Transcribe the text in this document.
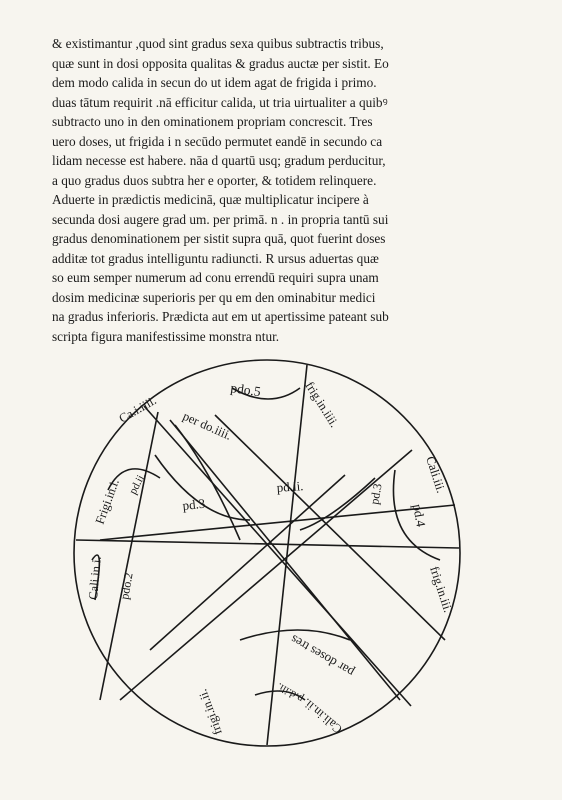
& existimantur ,quod sint gradus sexa quibus subtractis tribus,
quæ sunt in dosi opposita qualitas & gradus auctæ per sistit. Eo
dem modo calida in secun do ut idem agat de frigida i primo.
duas tātum requirit .nā efficitur calida, ut tria uirtualiter a quibꝰ
subtracto uno in den ominationem propriam concrescit. Tres
uero doses, ut frigida i n secūdo permutet eandē in secundo ca
lidam necesse est habere. nāa d quartū usq; gradum perducitur,
a quo gradus duos subtra her e oporter, & totidem relinquere.
Aduerte in prædictis medicinā, quæ multiplicatur incipere à
secunda dosi augere grad um. per primā. n . in propria tantū sui
gradus denominationem per sistit supra quā, quot fuerint doses
additæ tot gradus intelliguntu radiuncti. R ursus aduertas quæ
so eum semper numerum ad conu errendū requiri supra unam
dosim medicinæ superioris per qu em den ominabitur medici
na gradus inferioris. Prædicta aut em ut apertissime pateant sub
scripta figura manifestissime monstra ntur.
Ca.i.iiii.
pdo.5	frig.in.iiii.
per do.iiii.
Frigi.in.i. pd.ii.
pd.3
pd.ii.	Cali.iii.
pd.4
pd.3
Cali.in.i. pdo.2	frig.in.iii.
par doses tres
p.d.iii.
Cali.in.ii.
frigi.in.ii.
